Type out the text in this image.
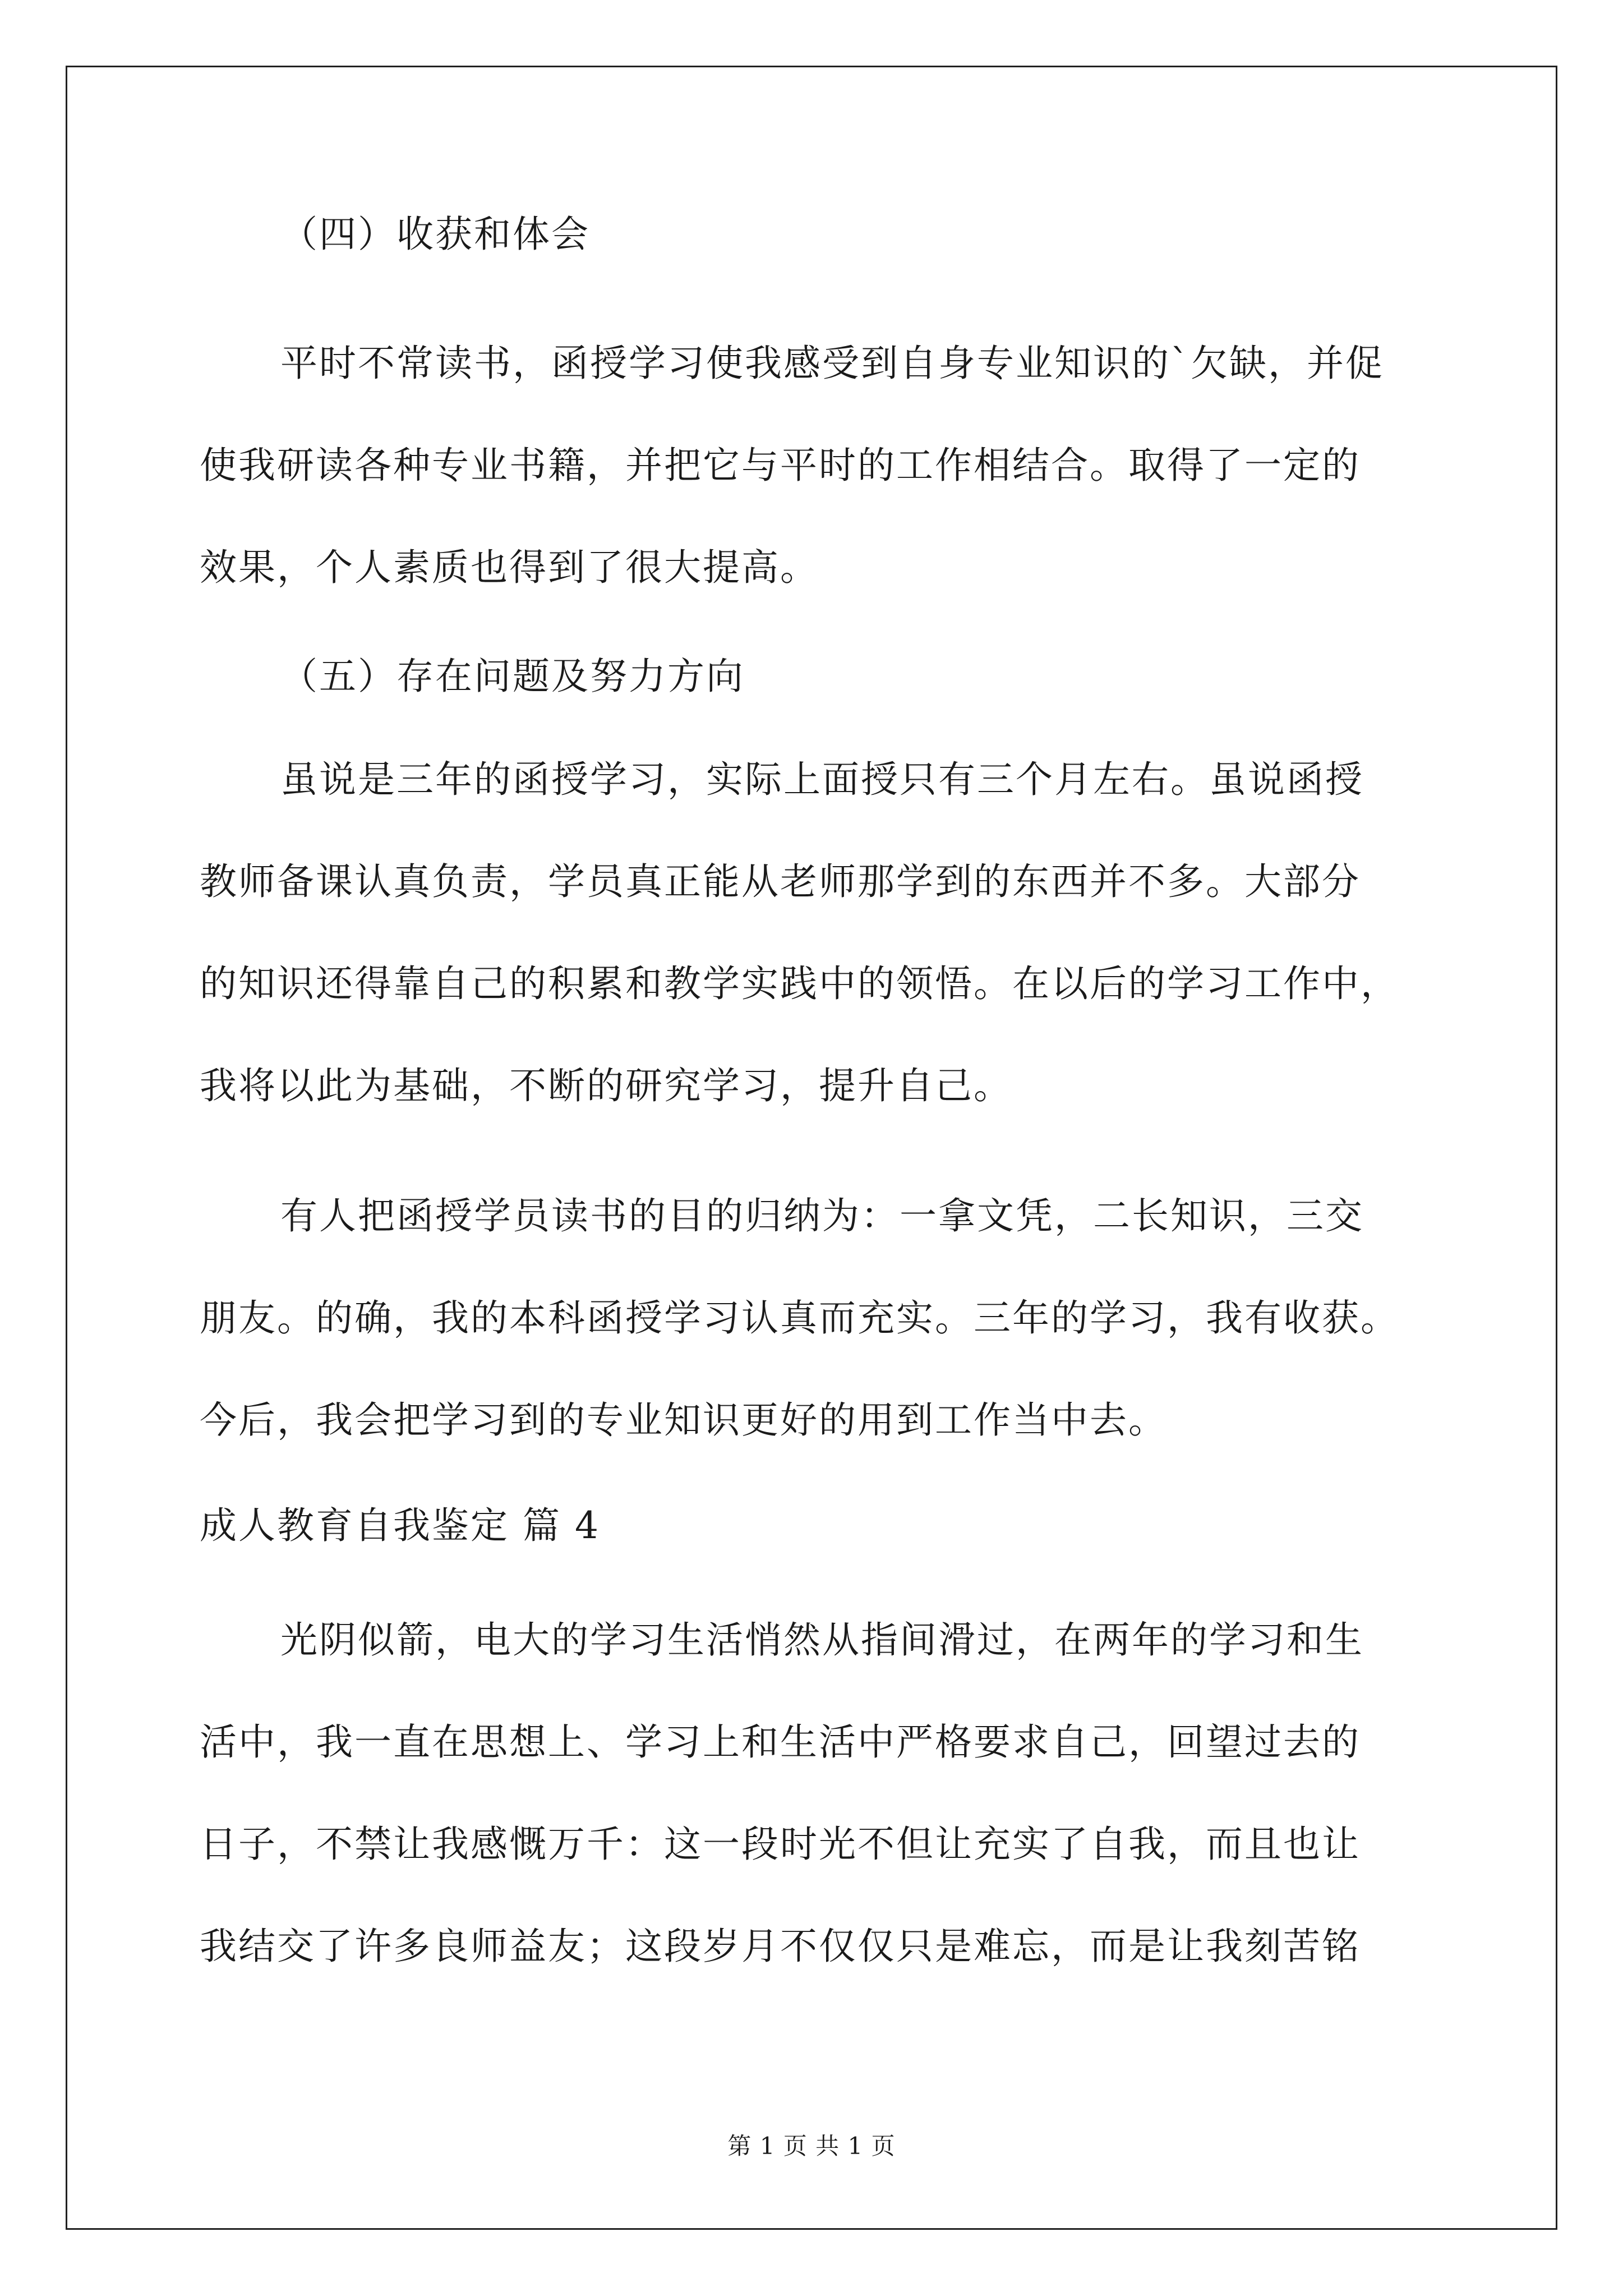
（四）收获和体会
平时不常读书，函授学习使我感受到自身专业知识的`欠缺，并促
使我研读各种专业书籍，并把它与平时的工作相结合。取得了一定的
效果，个人素质也得到了很大提高。
（五）存在问题及努力方向
虽说是三年的函授学习，实际上面授只有三个月左右。虽说函授
教师备课认真负责，学员真正能从老师那学到的东西并不多。大部分
的知识还得靠自己的积累和教学实践中的领悟。在以后的学习工作中，
我将以此为基础，不断的研究学习，提升自己。
有人把函授学员读书的目的归纳为：一拿文凭，二长知识，三交
朋友。的确，我的本科函授学习认真而充实。三年的学习，我有收获。
今后，我会把学习到的专业知识更好的用到工作当中去。
成人教育自我鉴定 篇 4
光阴似箭，电大的学习生活悄然从指间滑过，在两年的学习和生
活中，我一直在思想上、学习上和生活中严格要求自己，回望过去的
日子，不禁让我感慨万千：这一段时光不但让充实了自我，而且也让
我结交了许多良师益友；这段岁月不仅仅只是难忘，而是让我刻苦铭
第 1 页 共 1 页
